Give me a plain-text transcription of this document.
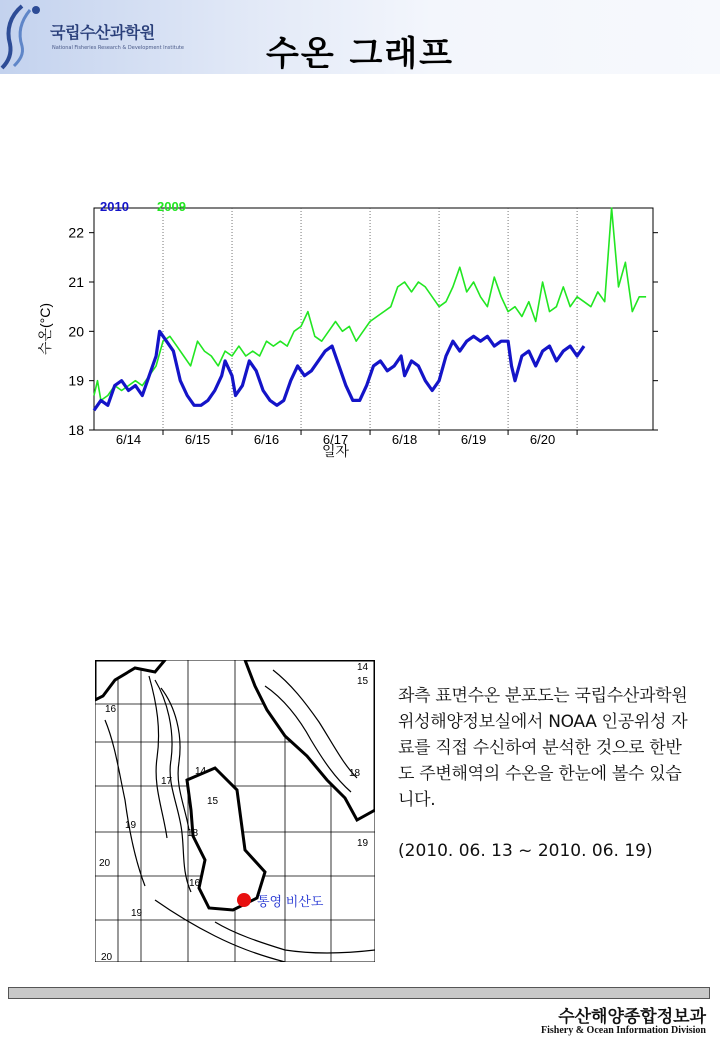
국립수산과학원
National Fisheries Research & Development Institute	수온 그래프
18
19
20
21
22
6/14	6/15	6/16	6/17	6/18	6/19	6/20
일자
수온(°C)
2010 2009
14
15
16
17
14
18
18
19
20
19
15
19
16
20
통영 비산도
좌측 표면수온 분포도는 국립수산과학원 위성해양정보실에서 NOAA 인공위성 자료를 직접 수신하여 분석한 것으로 한반도 주변해역의 수온을 한눈에 볼수 있습니다.
(2010. 06. 13 ~ 2010. 06. 19)
수산해양종합정보과
Fishery & Ocean Information Division
